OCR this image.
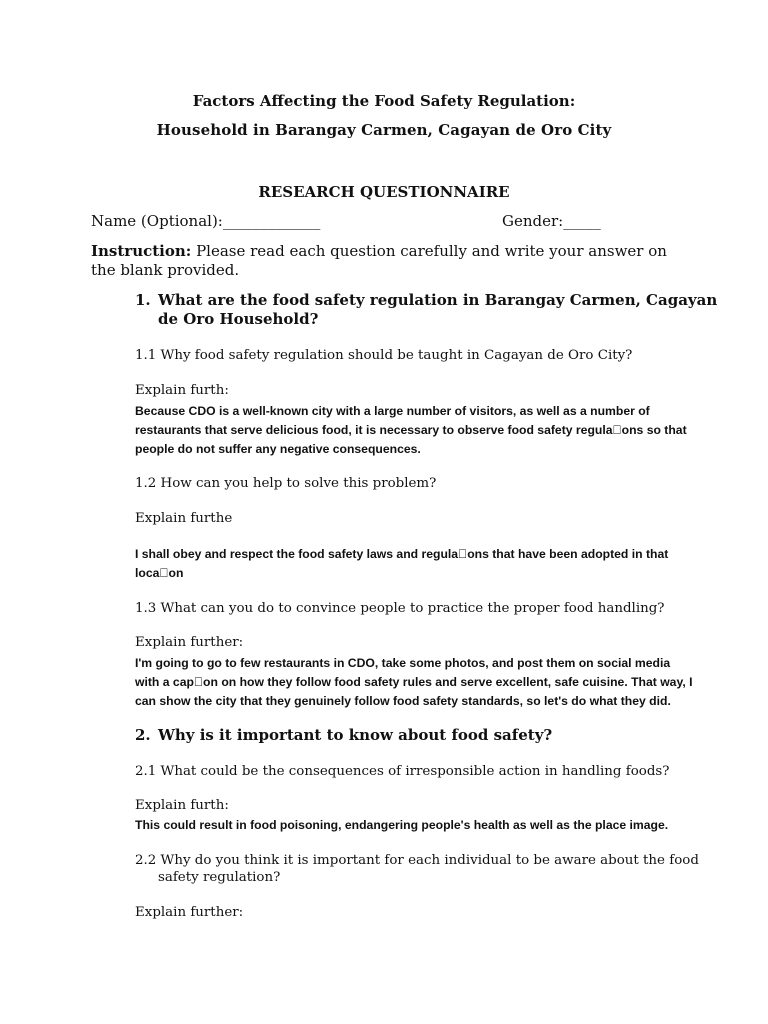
Factors Affecting the Food Safety Regulation:
Household in Barangay Carmen, Cagayan de Oro City
RESEARCH QUESTIONNAIRE
Name (Optional):_____________	Gender:_____
Instruction: Please read each question carefully and write your answer on the blank provided.
1. What are the food safety regulation in Barangay Carmen, Cagayan
de Oro Household?
1.1 Why food safety regulation should be taught in Cagayan de Oro City?
Explain furth:
Because CDO is a well-known city with a large number of visitors, as well as a number of
restaurants that serve delicious food, it is necessary to observe food safety regula ons so that
people do not suffer any negative consequences.
1.2 How can you help to solve this problem?
Explain furthe
I shall obey and respect the food safety laws and regula ons that have been adopted in that
loca on
1.3 What can you do to convince people to practice the proper food handling?
Explain further:
I'm going to go to few restaurants in CDO, take some photos, and post them on social media
with a cap on on how they follow food safety rules and serve excellent, safe cuisine. That way, I
can show the city that they genuinely follow food safety standards, so let's do what they did.
2. Why is it important to know about food safety?
2.1 What could be the consequences of irresponsible action in handling foods?
Explain furth:
This could result in food poisoning, endangering people's health as well as the place image.
2.2 Why do you think it is important for each individual to be aware about the food
safety regulation?
Explain further:
